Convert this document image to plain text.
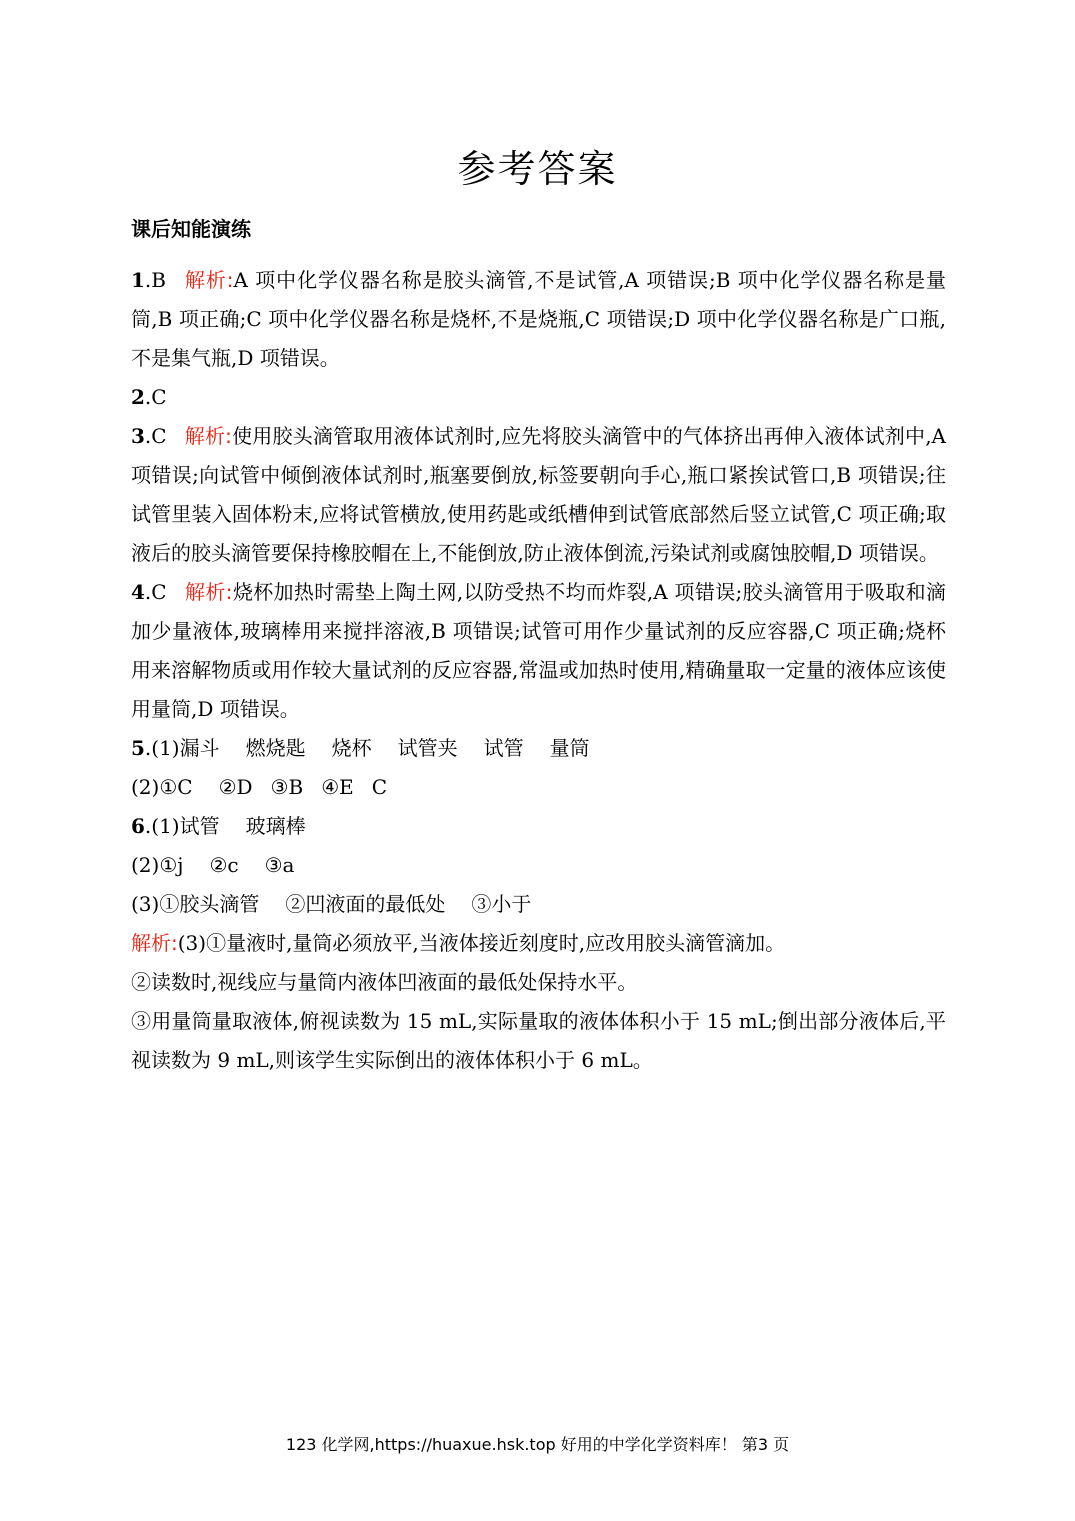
参考答案
课后知能演练

1.B 解析:A 项中化学仪器名称是胶头滴管,不是试管,A 项错误;B 项中化学仪器名称是量筒,B 项正确;C 项中化学仪器名称是烧杯,不是烧瓶,C 项错误;D 项中化学仪器名称是广口瓶,不是集气瓶,D 项错误。

2.C

3.C 解析:使用胶头滴管取用液体试剂时,应先将胶头滴管中的气体挤出再伸入液体试剂中,A 项错误;向试管中倾倒液体试剂时,瓶塞要倒放,标签要朝向手心,瓶口紧挨试管口,B 项错误;往试管里装入固体粉末,应将试管横放,使用药匙或纸槽伸到试管底部然后竖立试管,C 项正确;取液后的胶头滴管要保持橡胶帽在上,不能倒放,防止液体倒流,污染试剂或腐蚀胶帽,D 项错误。

4.C 解析:烧杯加热时需垫上陶土网,以防受热不均而炸裂,A 项错误;胶头滴管用于吸取和滴加少量液体,玻璃棒用来搅拌溶液,B 项错误;试管可用作少量试剂的反应容器,C 项正确;烧杯用来溶解物质或用作较大量试剂的反应容器,常温或加热时使用,精确量取一定量的液体应该使用量筒,D 项错误。

5.(1)漏斗 燃烧匙 烧杯 试管夹 试管 量筒

(2)①C ②D ③B ④E C

6.(1)试管 玻璃棒

(2)①j ②c ③a

(3)①胶头滴管 ②凹液面的最低处 ③小于

解析:(3)①量液时,量筒必须放平,当液体接近刻度时,应改用胶头滴管滴加。

②读数时,视线应与量筒内液体凹液面的最低处保持水平。

③用量筒量取液体,俯视读数为 15 mL,实际量取的液体体积小于 15 mL;倒出部分液体后,平视读数为 9 mL,则该学生实际倒出的液体体积小于 6 mL。

123 化学网,https://huaxue.hsk.top 好用的中学化学资料库！ 第3 页
